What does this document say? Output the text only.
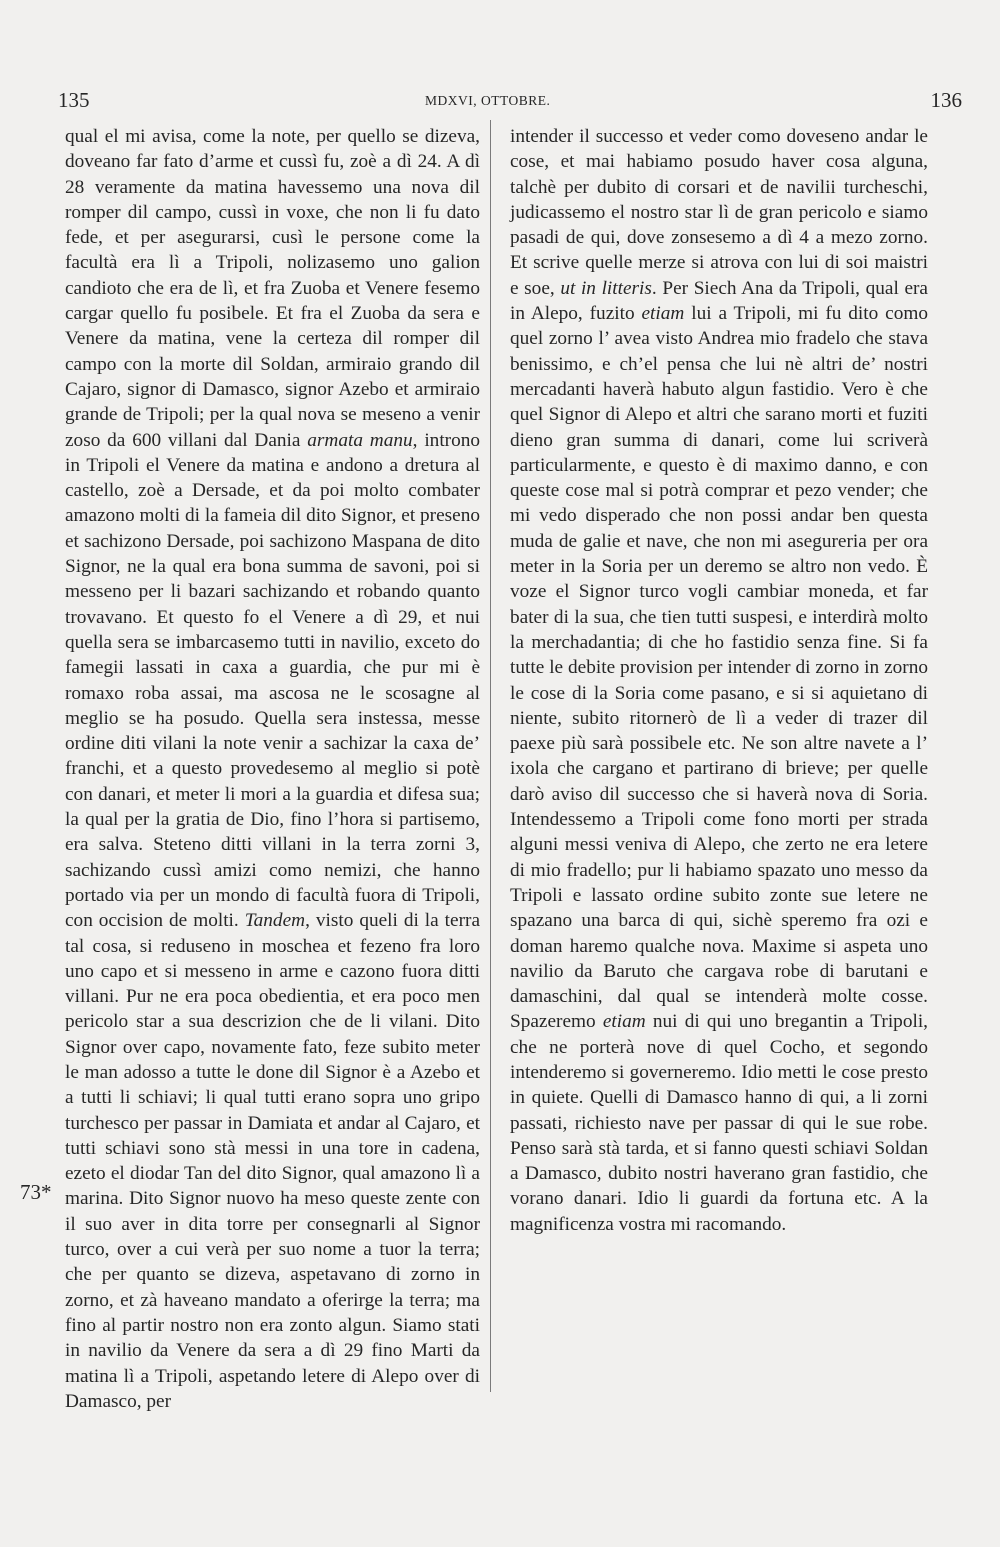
135	MDXVI, OTTOBRE.	136

qual el mi avisa, come la note, per quello se dizeva, doveano far fato d’arme et cussì fu, zoè a dì 24. A dì 28 veramente da matina havessemo una nova dil romper dil campo, cussì in voxe, che non li fu dato fede, et per asegurarsi, cusì le persone come la facultà era lì a Tripoli, nolizasemo uno galion candioto che era de lì, et fra Zuoba et Venere fesemo cargar quello fu posibele. Et fra el Zuoba da sera e Venere da matina, vene la certeza dil romper dil campo con la morte dil Soldan, armiraio grando dil Cajaro, signor di Damasco, signor Azebo et armiraio grande de Tripoli; per la qual nova se meseno a venir zoso da 600 villani dal Dania armata manu, introno in Tripoli el Venere da matina e andono a dretura al castello, zoè a Dersade, et da poi molto combater amazono molti di la fameia dil dito Signor, et preseno et sachizono Dersade, poi sachizono Maspana de dito Signor, ne la qual era bona summa de savoni, poi si messeno per li bazari sachizando et robando quanto trovavano. Et questo fo el Venere a dì 29, et nui quella sera se imbarcasemo tutti in navilio, exceto do famegii lassati in caxa a guardia, che pur mi è romaxo roba assai, ma ascosa ne le scosagne al meglio se ha posudo. Quella sera instessa, messe ordine diti vilani la note venir a sachizar la caxa de’ franchi, et a questo provedesemo al meglio si potè con danari, et meter li mori a la guardia et difesa sua; la qual per la gratia de Dio, fino l’hora si partisemo, era salva. Steteno ditti villani in la terra zorni 3, sachizando cussì amizi como nemizi, che hanno portado via per un mondo di facultà fuora di Tripoli, con occision de molti. Tandem, visto queli di la terra tal cosa, si reduseno in moschea et fezeno fra loro uno capo et si messeno in arme e cazono fuora ditti villani. Pur ne era poca obedientia, et era poco men pericolo star a sua descrizion che de li vilani. Dito Signor over capo, novamente fato, feze subito meter le man adosso a tutte le done dil Signor è a Azebo et a tutti li schiavi; li qual tutti erano sopra uno gripo turchesco per passar in Damiata et andar al Cajaro, et tutti schiavi sono stà messi in una tore in cadena, ezeto el diodar Tan del dito Signor, qual amazono lì a marina. Dito Signor nuovo ha meso queste zente con il suo aver in dita torre per consegnarli al Signor turco, over a cui verà per suo nome a tuor la terra; che per quanto se dizeva, aspetavano di zorno in zorno, et zà haveano mandato a oferirge la terra; ma fino al partir nostro non era zonto algun. Siamo stati in navilio da Venere da sera a dì 29 fino Marti da matina lì a Tripoli, aspetando letere di Alepo over di Damasco, per

intender il successo et veder como doveseno andar le cose, et mai habiamo posudo haver cosa alguna, talchè per dubito di corsari et de navilii turcheschi, judicassemo el nostro star lì de gran pericolo e siamo pasadi de qui, dove zonsesemo a dì 4 a mezo zorno. Et scrive quelle merze si atrova con lui di soi maistri e soe, ut in litteris. Per Siech Ana da Tripoli, qual era in Alepo, fuzito etiam lui a Tripoli, mi fu dito como quel zorno l’ avea visto Andrea mio fradelo che stava benissimo, e ch’el pensa che lui nè altri de’ nostri mercadanti haverà habuto algun fastidio. Vero è che quel Signor di Alepo et altri che sarano morti et fuziti dieno gran summa di danari, come lui scriverà particularmente, e questo è di maximo danno, e con queste cose mal si potrà comprar et pezo vender; che mi vedo disperado che non possi andar ben questa muda de galie et nave, che non mi asegureria per ora meter in la Soria per un deremo se altro non vedo. È voze el Signor turco vogli cambiar moneda, et far bater di la sua, che tien tutti suspesi, e interdirà molto la merchadantia; di che ho fastidio senza fine. Si fa tutte le debite provision per intender di zorno in zorno le cose di la Soria come pasano, e si si aquietano di niente, subito ritornerò de lì a veder di trazer dil paexe più sarà possibele etc. Ne son altre navete a l’ ixola che cargano et partirano di brieve; per quelle darò aviso dil successo che si haverà nova di Soria. Intendessemo a Tripoli come fono morti per strada alguni messi veniva di Alepo, che zerto ne era letere di mio fradello; pur li habiamo spazato uno messo da Tripoli e lassato ordine subito zonte sue letere ne spazano una barca di qui, sichè speremo fra ozi e doman haremo qualche nova. Maxime si aspeta uno navilio da Baruto che cargava robe di barutani e damaschini, dal qual se intenderà molte cosse. Spazeremo etiam nui di qui uno bregantin a Tripoli, che ne porterà nove di quel Cocho, et segondo intenderemo si governeremo. Idio metti le cose presto in quiete. Quelli di Damasco hanno di qui, a li zorni passati, richiesto nave per passar di qui le sue robe. Penso sarà stà tarda, et si fanno questi schiavi Soldan a Damasco, dubito nostri haverano gran fastidio, che vorano danari. Idio li guardi da fortuna etc. A la magnificenza vostra mi racomando.

73*
